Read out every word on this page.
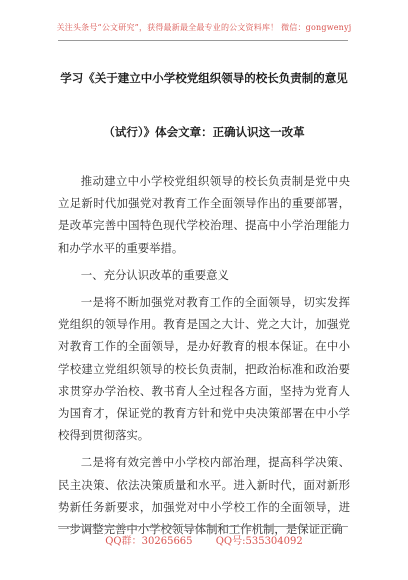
关注头条号“公文研究”，获得最新最全最专业的公文资料库！ 微信：gongwenyj
学习《关于建立中小学校党组织领导的校长负责制的意见
（试行）》体会文章：正确认识这一改革

推动建立中小学校党组织领导的校长负责制是党中央立足新时代加强党对教育工作全面领导作出的重要部署，是改革完善中国特色现代学校治理、提高中小学治理能力和办学水平的重要举措。

一、充分认识改革的重要意义

一是将不断加强党对教育工作的全面领导，切实发挥党组织的领导作用。教育是国之大计、党之大计，加强党对教育工作的全面领导，是办好教育的根本保证。在中小学校建立党组织领导的校长负责制，把政治标准和政治要求贯穿办学治校、教书育人全过程各方面，坚持为党育人为国育才，保证党的教育方针和党中央决策部署在中小学校得到贯彻落实。

二是将有效完善中小学校内部治理，提高科学决策、民主决策、依法决策质量和水平。进入新时代，面对新形势新任务新要求，加强党对中小学校工作的全面领导，进一步调整完善中小学校领导体制和工作机制，是保证正确

QQ群：30265665 QQ号:535304092
